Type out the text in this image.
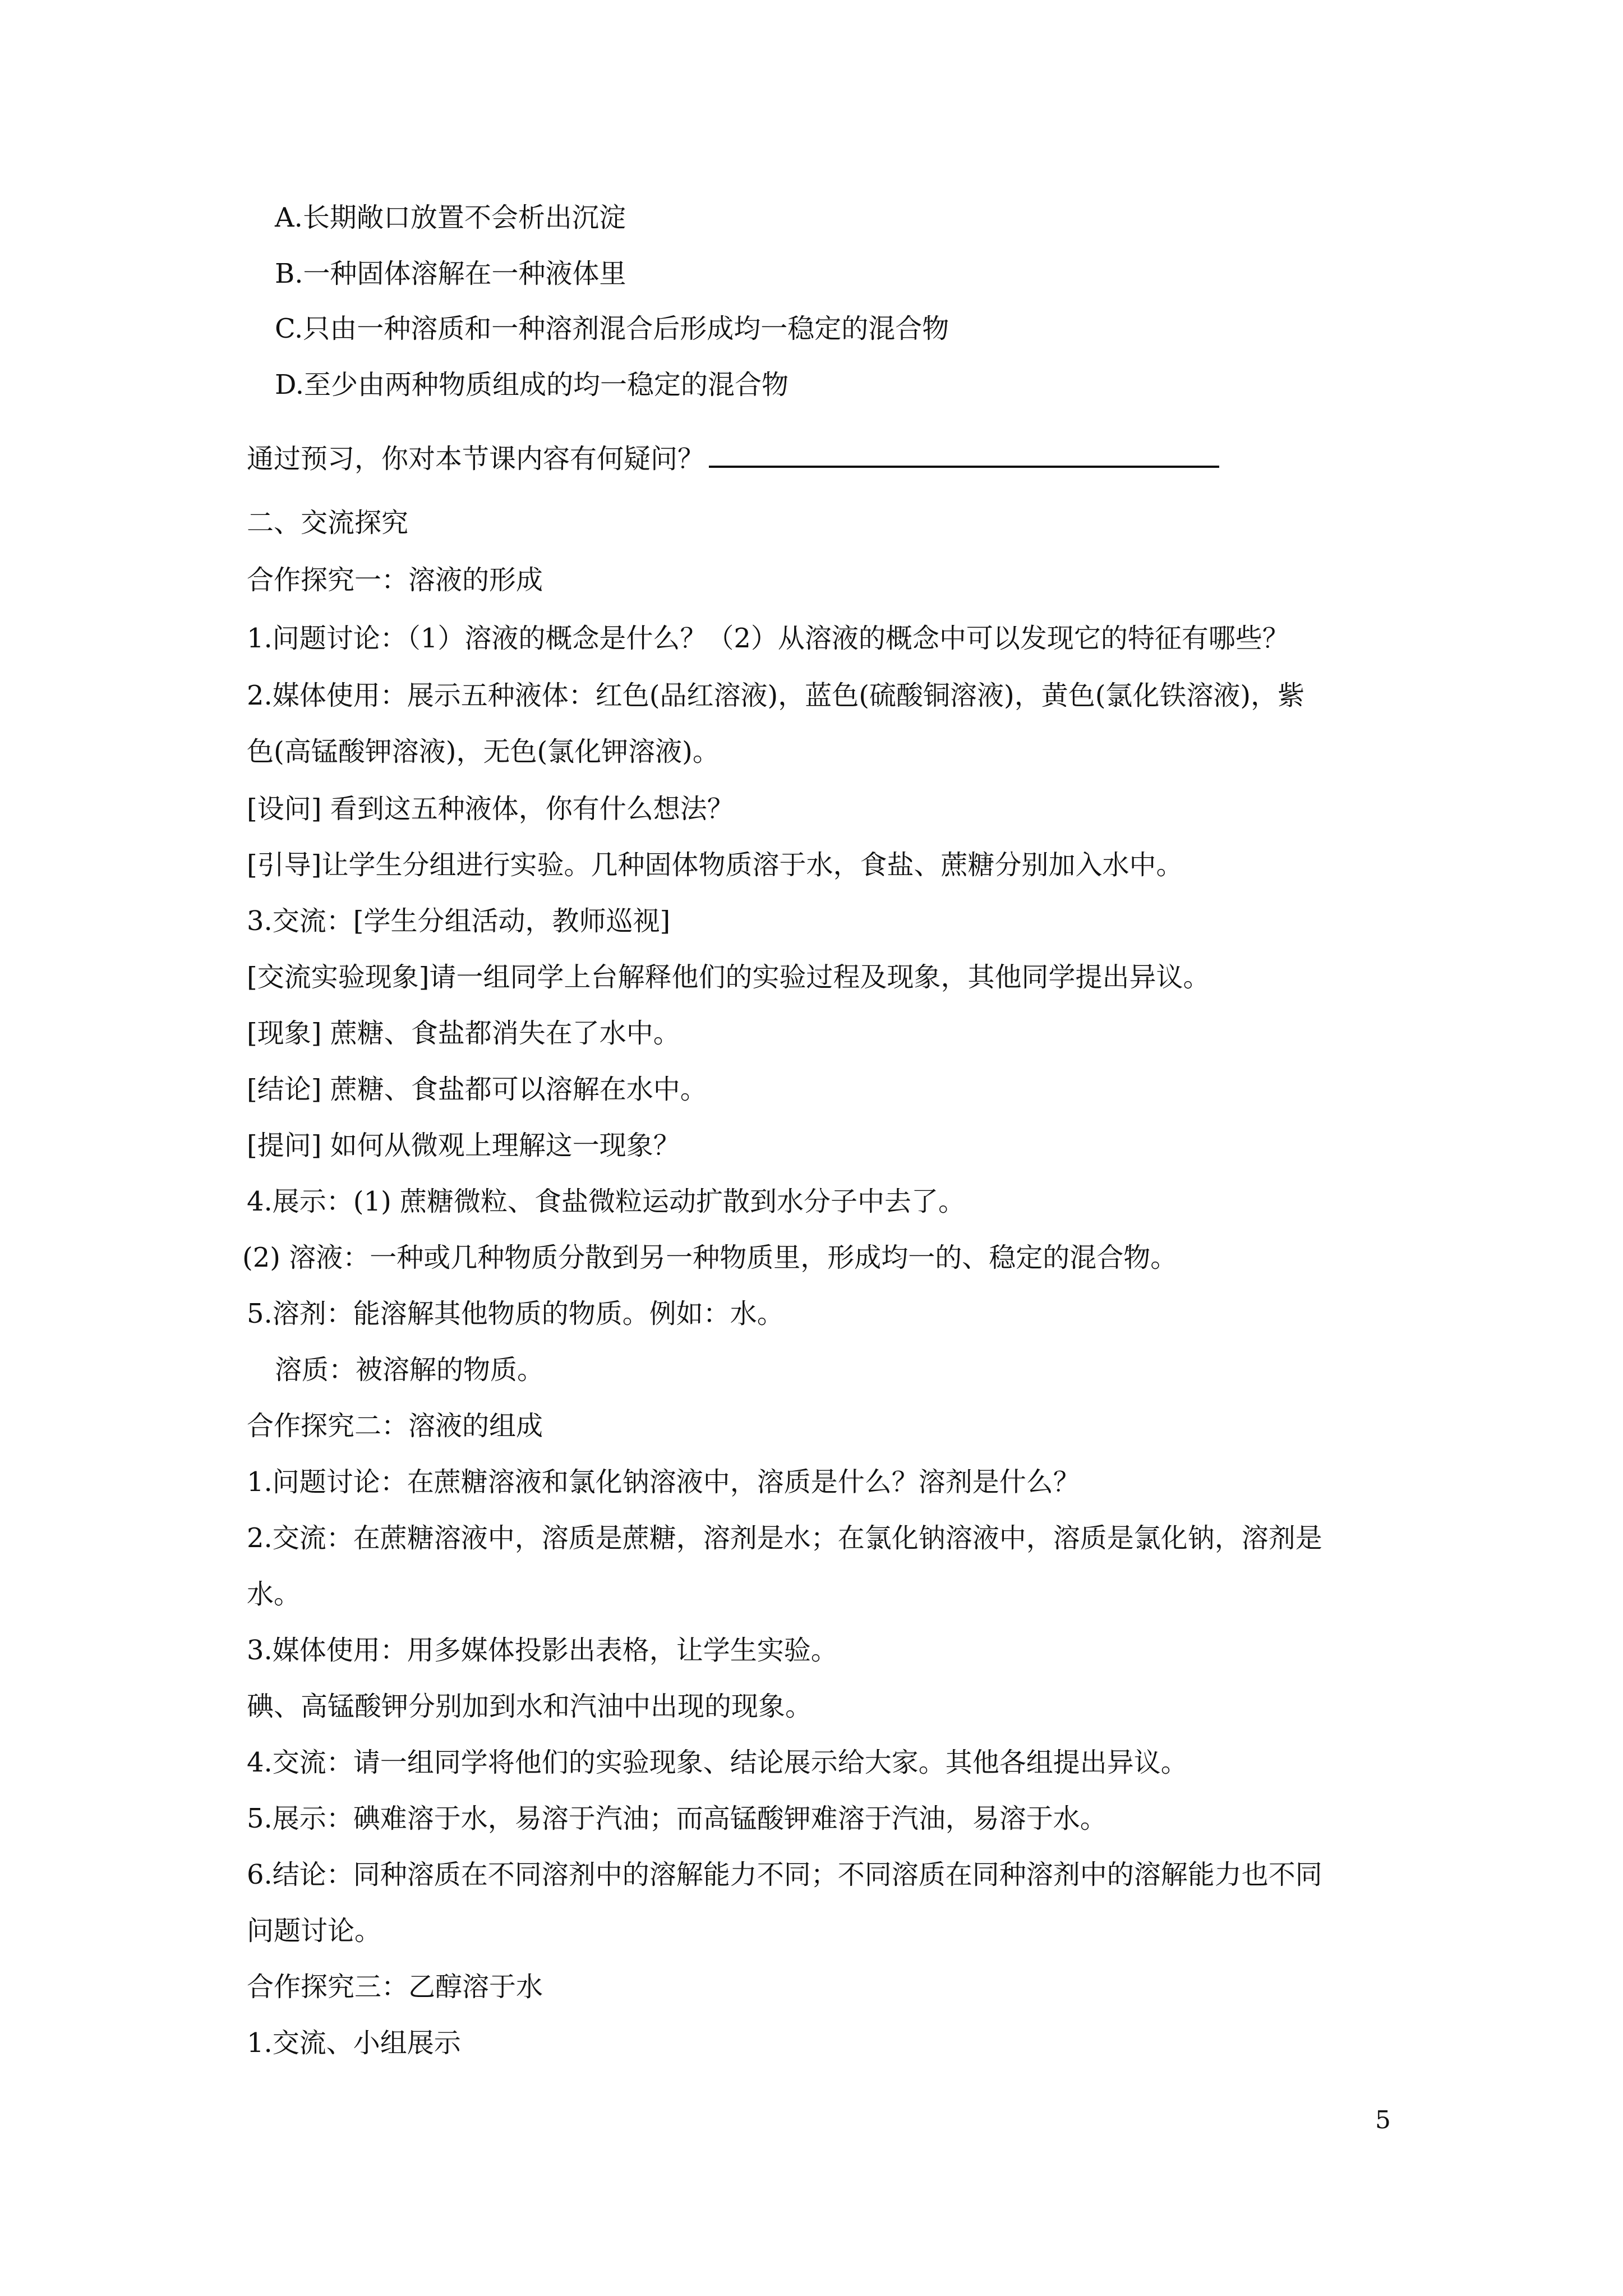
A.长期敞口放置不会析出沉淀
B.一种固体溶解在一种液体里
C.只由一种溶质和一种溶剂混合后形成均一稳定的混合物
D.至少由两种物质组成的均一稳定的混合物
通过预习，你对本节课内容有何疑问？
二、交流探究
合作探究一：溶液的形成
1.问题讨论：（1）溶液的概念是什么？（2）从溶液的概念中可以发现它的特征有哪些？
2.媒体使用：展示五种液体：红色(品红溶液)，蓝色(硫酸铜溶液)，黄色(氯化铁溶液)，紫
色(高锰酸钾溶液)，无色(氯化钾溶液)。
[设问] 看到这五种液体，你有什么想法？
[引导]让学生分组进行实验。几种固体物质溶于水，食盐、蔗糖分别加入水中。
3.交流：[学生分组活动，教师巡视]
[交流实验现象]请一组同学上台解释他们的实验过程及现象，其他同学提出异议。
[现象] 蔗糖、食盐都消失在了水中。
[结论] 蔗糖、食盐都可以溶解在水中。
[提问] 如何从微观上理解这一现象？
4.展示：(1) 蔗糖微粒、食盐微粒运动扩散到水分子中去了。
(2) 溶液：一种或几种物质分散到另一种物质里，形成均一的、稳定的混合物。
5.溶剂：能溶解其他物质的物质。例如：水。
溶质：被溶解的物质。
合作探究二：溶液的组成
1.问题讨论：在蔗糖溶液和氯化钠溶液中，溶质是什么？溶剂是什么？
2.交流：在蔗糖溶液中，溶质是蔗糖，溶剂是水；在氯化钠溶液中，溶质是氯化钠，溶剂是
水。
3.媒体使用：用多媒体投影出表格，让学生实验。
碘、高锰酸钾分别加到水和汽油中出现的现象。
4.交流：请一组同学将他们的实验现象、结论展示给大家。其他各组提出异议。
5.展示：碘难溶于水，易溶于汽油；而高锰酸钾难溶于汽油，易溶于水。
6.结论：同种溶质在不同溶剂中的溶解能力不同；不同溶质在同种溶剂中的溶解能力也不同
问题讨论。
合作探究三：乙醇溶于水
1.交流、小组展示
5
